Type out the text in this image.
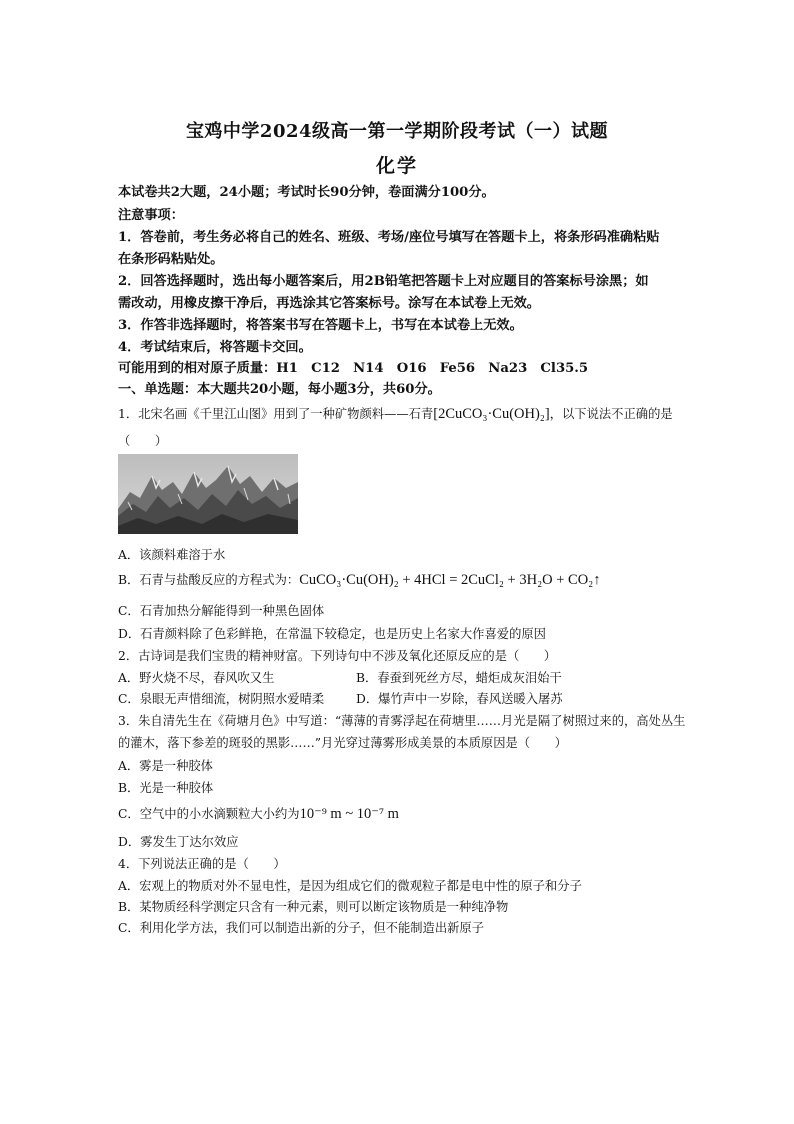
宝鸡中学2024级高一第一学期阶段考试（一）试题
化学
本试卷共2大题，24小题；考试时长90分钟，卷面满分100分。
注意事项：
1．答卷前，考生务必将自己的姓名、班级、考场/座位号填写在答题卡上，将条形码准确粘贴
在条形码粘贴处。
2．回答选择题时，选出每小题答案后，用2B铅笔把答题卡上对应题目的答案标号涂黑；如
需改动，用橡皮擦干净后，再选涂其它答案标号。涂写在本试卷上无效。
3．作答非选择题时，将答案书写在答题卡上，书写在本试卷上无效。
4．考试结束后，将答题卡交回。
可能用到的相对原子质量：H1　C12　N14　O16　Fe56　Na23　Cl35.5
一、单选题：本大题共20小题，每小题3分，共60分。
1．北宋名画《千里江山图》用到了一种矿物颜料——石青[2CuCO₃·Cu(OH)₂]，以下说法不正确的是
（　　）
A．该颜料难溶于水
B．石青与盐酸反应的方程式为：CuCO₃·Cu(OH)₂ + 4HCl = 2CuCl₂ + 3H₂O + CO₂↑
C．石青加热分解能得到一种黑色固体
D．石青颜料除了色彩鲜艳，在常温下较稳定，也是历史上名家大作喜爱的原因
2．古诗词是我们宝贵的精神财富。下列诗句中不涉及氧化还原反应的是（　　）
A．野火烧不尽，春风吹又生	B．春蚕到死丝方尽，蜡炬成灰泪始干
C．泉眼无声惜细流，树阴照水爱晴柔	D．爆竹声中一岁除，春风送暖入屠苏
3．朱自清先生在《荷塘月色》中写道：“薄薄的青雾浮起在荷塘里……月光是隔了树照过来的，高处丛生
的灌木，落下参差的斑驳的黑影……”月光穿过薄雾形成美景的本质原因是（　　）
A．雾是一种胶体
B．光是一种胶体
C．空气中的小水滴颗粒大小约为10⁻⁹ m ~ 10⁻⁷ m
D．雾发生丁达尔效应
4．下列说法正确的是（　　）
A．宏观上的物质对外不显电性，是因为组成它们的微观粒子都是电中性的原子和分子
B．某物质经科学测定只含有一种元素，则可以断定该物质是一种纯净物
C．利用化学方法，我们可以制造出新的分子，但不能制造出新原子
